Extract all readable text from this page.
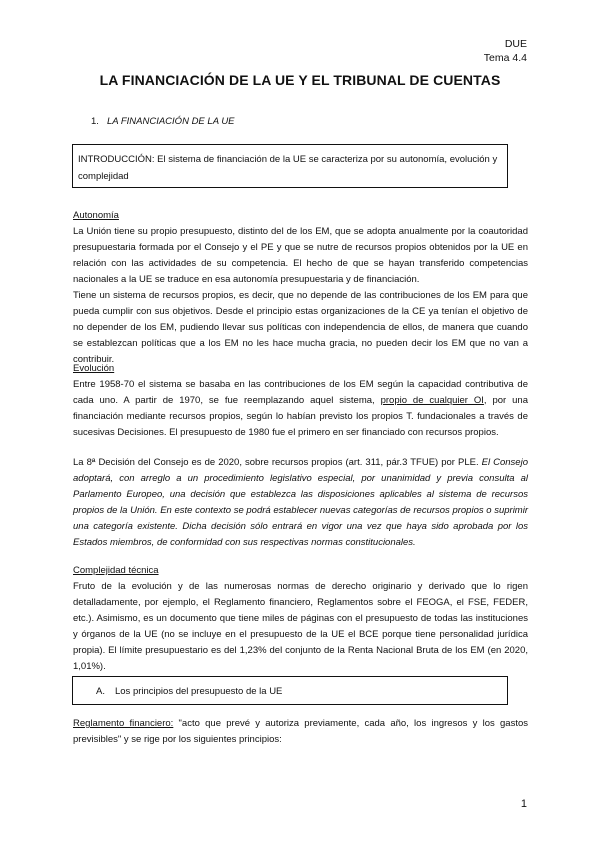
DUE
Tema 4.4
LA FINANCIACIÓN DE LA UE Y EL TRIBUNAL DE CUENTAS
1. LA FINANCIACIÓN DE LA UE
INTRODUCCIÓN: El sistema de financiación de la UE se caracteriza por su autonomía, evolución y complejidad
Autonomía

La Unión tiene su propio presupuesto, distinto del de los EM, que se adopta anualmente por la coautoridad presupuestaria formada por el Consejo y el PE y que se nutre de recursos propios obtenidos por la UE en relación con las actividades de su competencia. El hecho de que se hayan transferido competencias nacionales a la UE se traduce en esa autonomía presupuestaria y de financiación.

Tiene un sistema de recursos propios, es decir, que no depende de las contribuciones de los EM para que pueda cumplir con sus objetivos. Desde el principio estas organizaciones de la CE ya tenían el objetivo de no depender de los EM, pudiendo llevar sus políticas con independencia de ellos, de manera que cuando se establezcan políticas que a los EM no les hace mucha gracia, no pueden decir los EM que no van a contribuir.

Evolución

Entre 1958-70 el sistema se basaba en las contribuciones de los EM según la capacidad contributiva de cada uno. A partir de 1970, se fue reemplazando aquel sistema, propio de cualquier OI, por una financiación mediante recursos propios, según lo habían previsto los propios T. fundacionales a través de sucesivas Decisiones. El presupuesto de 1980 fue el primero en ser financiado con recursos propios.

La 8ª Decisión del Consejo es de 2020, sobre recursos propios (art. 311, pár.3 TFUE) por PLE. El Consejo adoptará, con arreglo a un procedimiento legislativo especial, por unanimidad y previa consulta al Parlamento Europeo, una decisión que establezca las disposiciones aplicables al sistema de recursos propios de la Unión. En este contexto se podrá establecer nuevas categorías de recursos propios o suprimir una categoría existente. Dicha decisión sólo entrará en vigor una vez que haya sido aprobada por los Estados miembros, de conformidad con sus respectivas normas constitucionales.

Complejidad técnica

Fruto de la evolución y de las numerosas normas de derecho originario y derivado que lo rigen detalladamente, por ejemplo, el Reglamento financiero, Reglamentos sobre el FEOGA, el FSE, FEDER, etc.). Asimismo, es un documento que tiene miles de páginas con el presupuesto de todas las instituciones y órganos de la UE (no se incluye en el presupuesto de la UE el BCE porque tiene personalidad jurídica propia). El límite presupuestario es del 1,23% del conjunto de la Renta Nacional Bruta de los EM (en 2020, 1,01%).

A. Los principios del presupuesto de la UE

Reglamento financiero: "acto que prevé y autoriza previamente, cada año, los ingresos y los gastos previsibles" y se rige por los siguientes principios:

1
